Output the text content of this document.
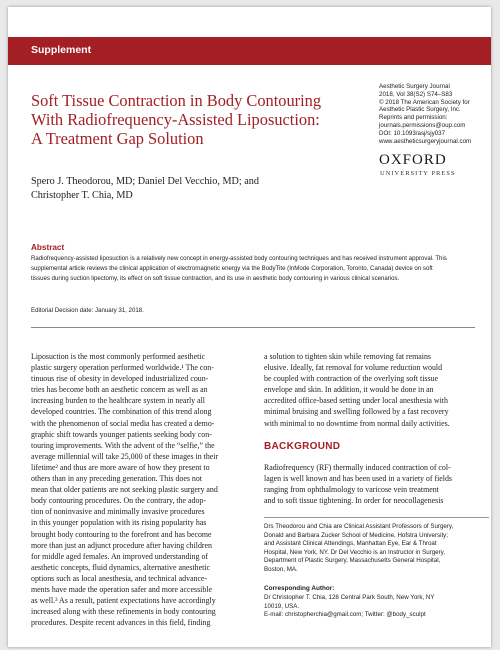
Supplement
Soft Tissue Contraction in Body Contouring
With Radiofrequency-Assisted Liposuction:
A Treatment Gap Solution
Aesthetic Surgery Journal
2018, Vol 38(S2) S74–S83
© 2018 The American Society for
Aesthetic Plastic Surgery, Inc.
Reprints and permission:
journals.permissions@oup.com
DOI: 10.1093/asj/sjy037
www.aestheticsurgeryjournal.com
OXFORD
UNIVERSITY PRESS
Spero J. Theodorou, MD; Daniel Del Vecchio, MD; and
Christopher T. Chia, MD
Abstract
Radiofrequency-assisted liposuction is a relatively new concept in energy-assisted body contouring techniques and has received instrument approval. This
supplemental article reviews the clinical application of electromagnetic energy via the BodyTite (InMode Corporation, Toronto, Canada) device on soft
tissues during suction lipectomy, its effect on soft tissue contraction, and its use in aesthetic body contouring in various clinical scenarios.
Editorial Decision date: January 31, 2018.
Liposuction is the most commonly performed aesthetic
plastic surgery operation performed worldwide.¹ The con-
tinuous rise of obesity in developed industrialized coun-
tries has become both an aesthetic concern as well as an
increasing burden to the healthcare system in nearly all
developed countries. The combination of this trend along
with the phenomenon of social media has created a demo-
graphic shift towards younger patients seeking body con-
touring improvements. With the advent of the “selfie,” the
average millennial will take 25,000 of these images in their
lifetime² and thus are more aware of how they present to
others than in any preceding generation. This does not
mean that older patients are not seeking plastic surgery and
body contouring procedures. On the contrary, the adop-
tion of noninvasive and minimally invasive procedures
in this younger population with its rising popularity has
brought body contouring to the forefront and has become
more than just an adjunct procedure after having children
for middle aged females. An improved understanding of
aesthetic concepts, fluid dynamics, alternative anesthetic
options such as local anesthesia, and technical advance-
ments have made the operation safer and more accessible
as well.³ As a result, patient expectations have accordingly
increased along with these refinements in body contouring
procedures. Despite recent advances in this field, finding
a solution to tighten skin while removing fat remains
elusive. Ideally, fat removal for volume reduction would
be coupled with contraction of the overlying soft tissue
envelope and skin. In addition, it would be done in an
accredited office-based setting under local anesthesia with
minimal bruising and swelling followed by a fast recovery
with minimal to no downtime from normal daily activities.
BACKGROUND
Radiofrequency (RF) thermally induced contraction of col-
lagen is well known and has been used in a variety of fields
ranging from ophthalmology to varicose vein treatment
and to soft tissue tightening. In order for neocollagenesis
Drs Theodorou and Chia are Clinical Assistant Professors of Surgery,
Donald and Barbara Zucker School of Medicine, Hofstra University;
and Assistant Clinical Attendings, Manhattan Eye, Ear & Throat
Hospital, New York, NY. Dr Del Vecchio is an Instructor in Surgery,
Department of Plastic Surgery, Massachusetts General Hospital,
Boston, MA.
Corresponding Author:
Dr Christopher T. Chia, 128 Central Park South, New York, NY
10019, USA.
E-mail: christopherchia@gmail.com; Twitter: @body_sculpt
